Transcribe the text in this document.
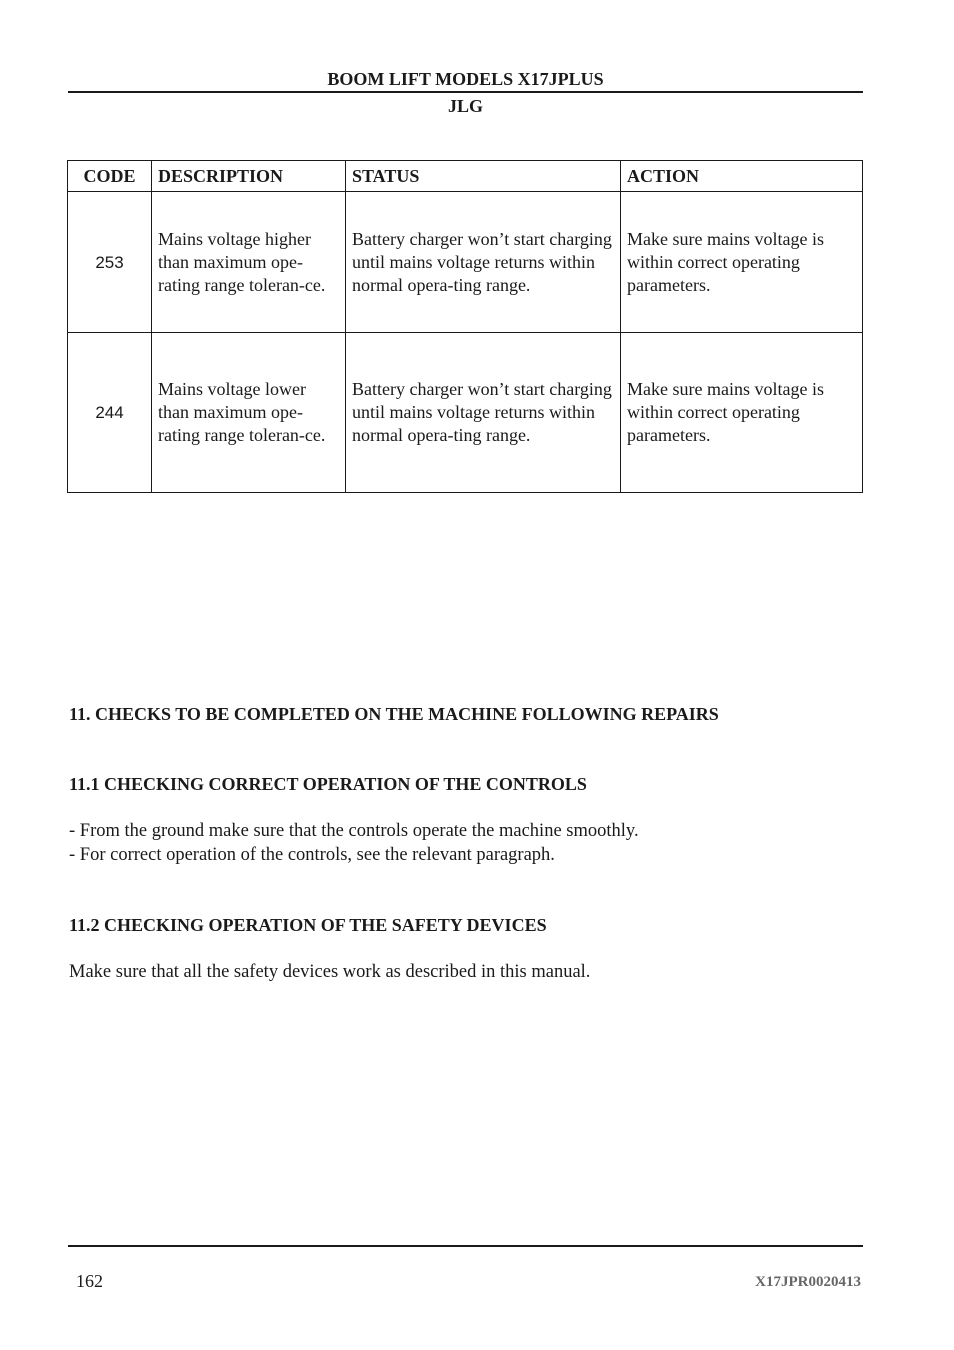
BOOM LIFT MODELS X17JPLUS
JLG
CODE	DESCRIPTION	STATUS	ACTION
253	Mains voltage higher than maximum ope-rating range toleran-ce.	Battery charger won’t start charging until mains voltage returns within normal opera-ting range.	Make sure mains voltage is within correct operating parameters.
244	Mains voltage lower than maximum ope-rating range toleran-ce.	Battery charger won’t start charging until mains voltage returns within normal opera-ting range.	Make sure mains voltage is within correct operating parameters.
11. CHECKS TO BE COMPLETED ON THE MACHINE FOLLOWING REPAIRS
11.1 CHECKING CORRECT OPERATION OF THE CONTROLS
- From the ground make sure that the controls operate the machine smoothly.
- For correct operation of the controls, see the relevant paragraph.
11.2 CHECKING OPERATION OF THE SAFETY DEVICES
Make sure that all the safety devices work as described in this manual.
162	X17JPR0020413
